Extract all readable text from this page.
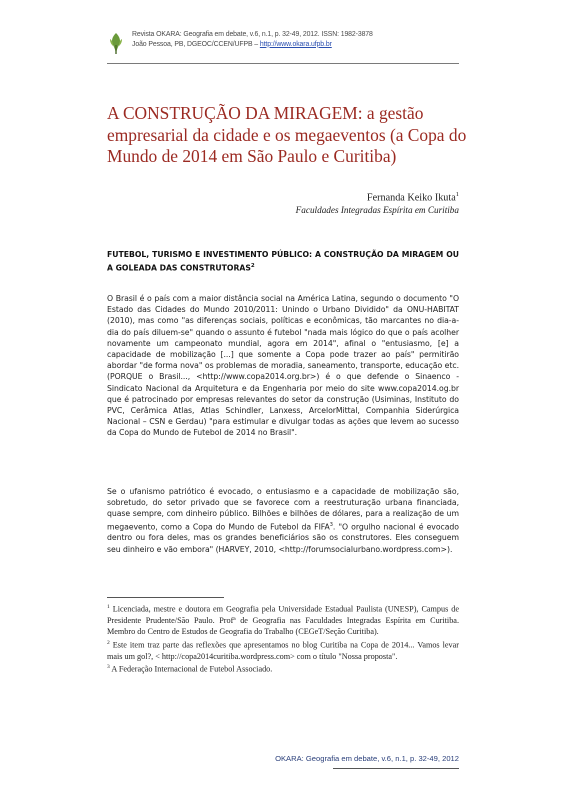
Revista OKARA: Geografia em debate, v.6, n.1, p. 32-49, 2012. ISSN: 1982-3878
João Pessoa, PB, DGEOC/CCEN/UFPB – http://www.okara.ufpb.br
A CONSTRUÇÃO DA MIRAGEM: a gestão empresarial da cidade e os megaeventos (a Copa do Mundo de 2014 em São Paulo e Curitiba)
Fernanda Keiko Ikuta$^1$
Faculdades Integradas Espírita em Curitiba
FUTEBOL, TURISMO E INVESTIMENTO PÚBLICO: A CONSTRUÇÃO DA MIRAGEM OU A GOLEADA DAS CONSTRUTORAS$^2$
O Brasil é o país com a maior distância social na América Latina, segundo o documento "O Estado das Cidades do Mundo 2010/2011: Unindo o Urbano Dividido" da ONU-HABITAT (2010), mas como "as diferenças sociais, políticas e econômicas, tão marcantes no dia-a-dia do país diluem-se" quando o assunto é futebol "nada mais lógico do que o país acolher novamente um campeonato mundial, agora em 2014", afinal o "entusiasmo, [e] a capacidade de mobilização [...] que somente a Copa pode trazer ao país" permitirão abordar "de forma nova" os problemas de moradia, saneamento, transporte, educação etc. (PORQUE o Brasil..., <http://www.copa2014.org.br>) é o que defende o Sinaenco - Sindicato Nacional da Arquitetura e da Engenharia por meio do site www.copa2014.og.br que é patrocinado por empresas relevantes do setor da construção (Usiminas, Instituto do PVC, Cerâmica Atlas, Atlas Schindler, Lanxess, ArcelorMittal, Companhia Siderúrgica Nacional – CSN e Gerdau) "para estimular e divulgar todas as ações que levem ao sucesso da Copa do Mundo de Futebol de 2014 no Brasil".
Se o ufanismo patriótico é evocado, o entusiasmo e a capacidade de mobilização são, sobretudo, do setor privado que se favorece com a reestruturação urbana financiada, quase sempre, com dinheiro público. Bilhões e bilhões de dólares, para a realização de um megaevento, como a Copa do Mundo de Futebol da FIFA$^3$. "O orgulho nacional é evocado dentro ou fora deles, mas os grandes beneficiários são os construtores. Eles conseguem seu dinheiro e vão embora" (HARVEY, 2010, <http://forumsocialurbano.wordpress.com>).

$^1$ Licenciada, mestre e doutora em Geografia pela Universidade Estadual Paulista (UNESP), Campus de Presidente Prudente/São Paulo. Profª de Geografia nas Faculdades Integradas Espírita em Curitiba. Membro do Centro de Estudos de Geografia do Trabalho (CEGeT/Seção Curitiba).

$^2$ Este item traz parte das reflexões que apresentamos no blog Curitiba na Copa de 2014... Vamos levar mais um gol?, < http://copa2014curitiba.wordpress.com> com o título "Nossa proposta".

$^3$ A Federação Internacional de Futebol Associado.

OKARA: Geografia em debate, v.6, n.1, p. 32-49, 2012
